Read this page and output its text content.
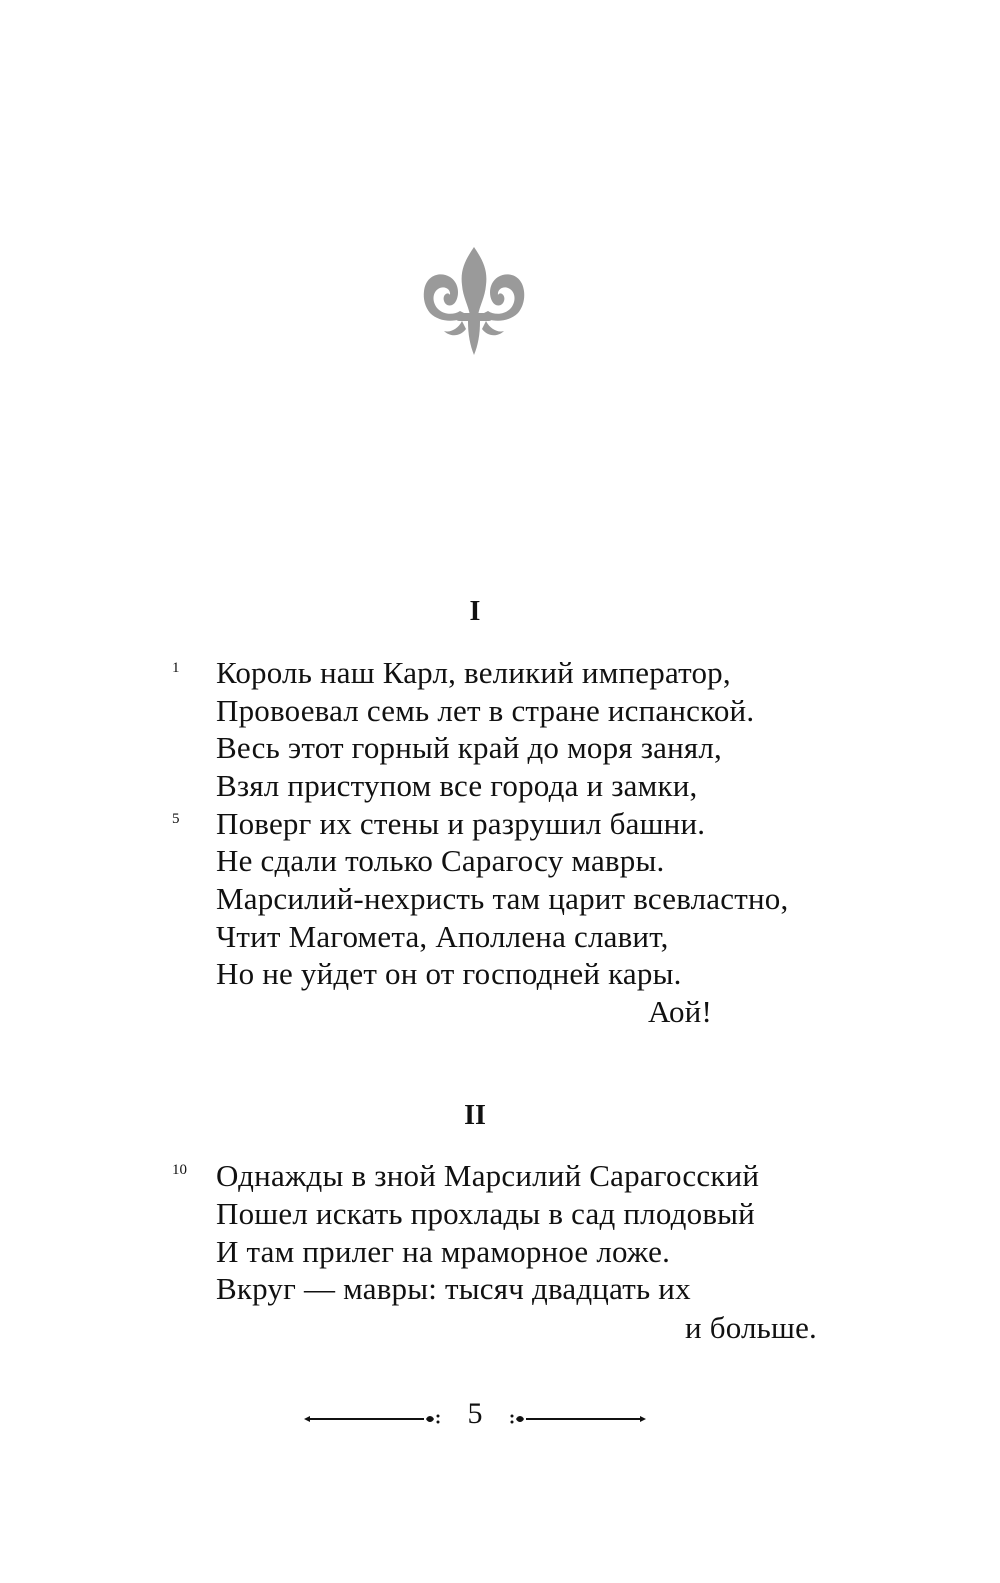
I
1 Король наш Карл, великий император,
Провоевал семь лет в стране испанской.
Весь этот горный край до моря занял,
Взял приступом все города и замки,
5 Поверг их стены и разрушил башни.
Не сдали только Сарагосу мавры.
Марсилий-нехристь там царит всевластно,
Чтит Магомета, Аполлена славит,
Но не уйдет он от господней кары.
Аой!
II
10 Однажды в зной Марсилий Сарагосский
Пошел искать прохлады в сад плодовый
И там прилег на мраморное ложе.
Вкруг — мавры: тысяч двадцать их
и больше.
5
